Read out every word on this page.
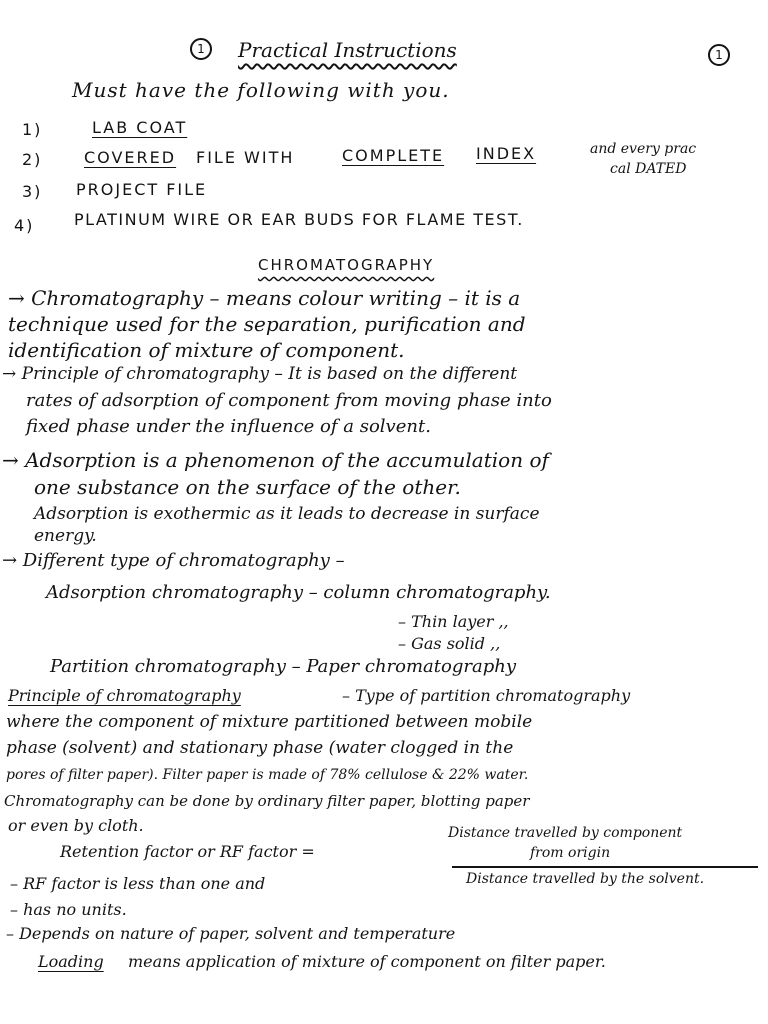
1	1
Practical Instructions
Must have the following with you.
1)	LAB COAT
2)	COVERED FILE WITH	COMPLETE INDEX	and every prac
cal DATED
3) PROJECT FILE
4) PLATINUM WIRE OR EAR BUDS FOR FLAME TEST.
CHROMATOGRAPHY
→ Chromatography – means colour writing – it is a
technique used for the separation, purification and
identification of mixture of component.
→ Principle of chromatography – It is based on the different
rates of adsorption of component from moving phase into
fixed phase under the influence of a solvent.
→ Adsorption is a phenomenon of the accumulation of
one substance on the surface of the other.
Adsorption is exothermic as it leads to decrease in surface
energy.
→ Different type of chromatography –
Adsorption chromatography – column chromatography.
– Thin layer ,,
– Gas solid ,,
Partition chromatography – Paper chromatography
Principle of chromatography	– Type of partition chromatography
where the component of mixture partitioned between mobile
phase (solvent) and stationary phase (water clogged in the
pores of filter paper). Filter paper is made of 78% cellulose & 22% water.
Chromatography can be done by ordinary filter paper, blotting paper
or even by cloth.
Retention factor or RF factor =
Distance travelled by component
from origin
Distance travelled by the solvent.
– RF factor is less than one and
– has no units.
– Depends on nature of paper, solvent and temperature
Loading means application of mixture of component on filter paper.
